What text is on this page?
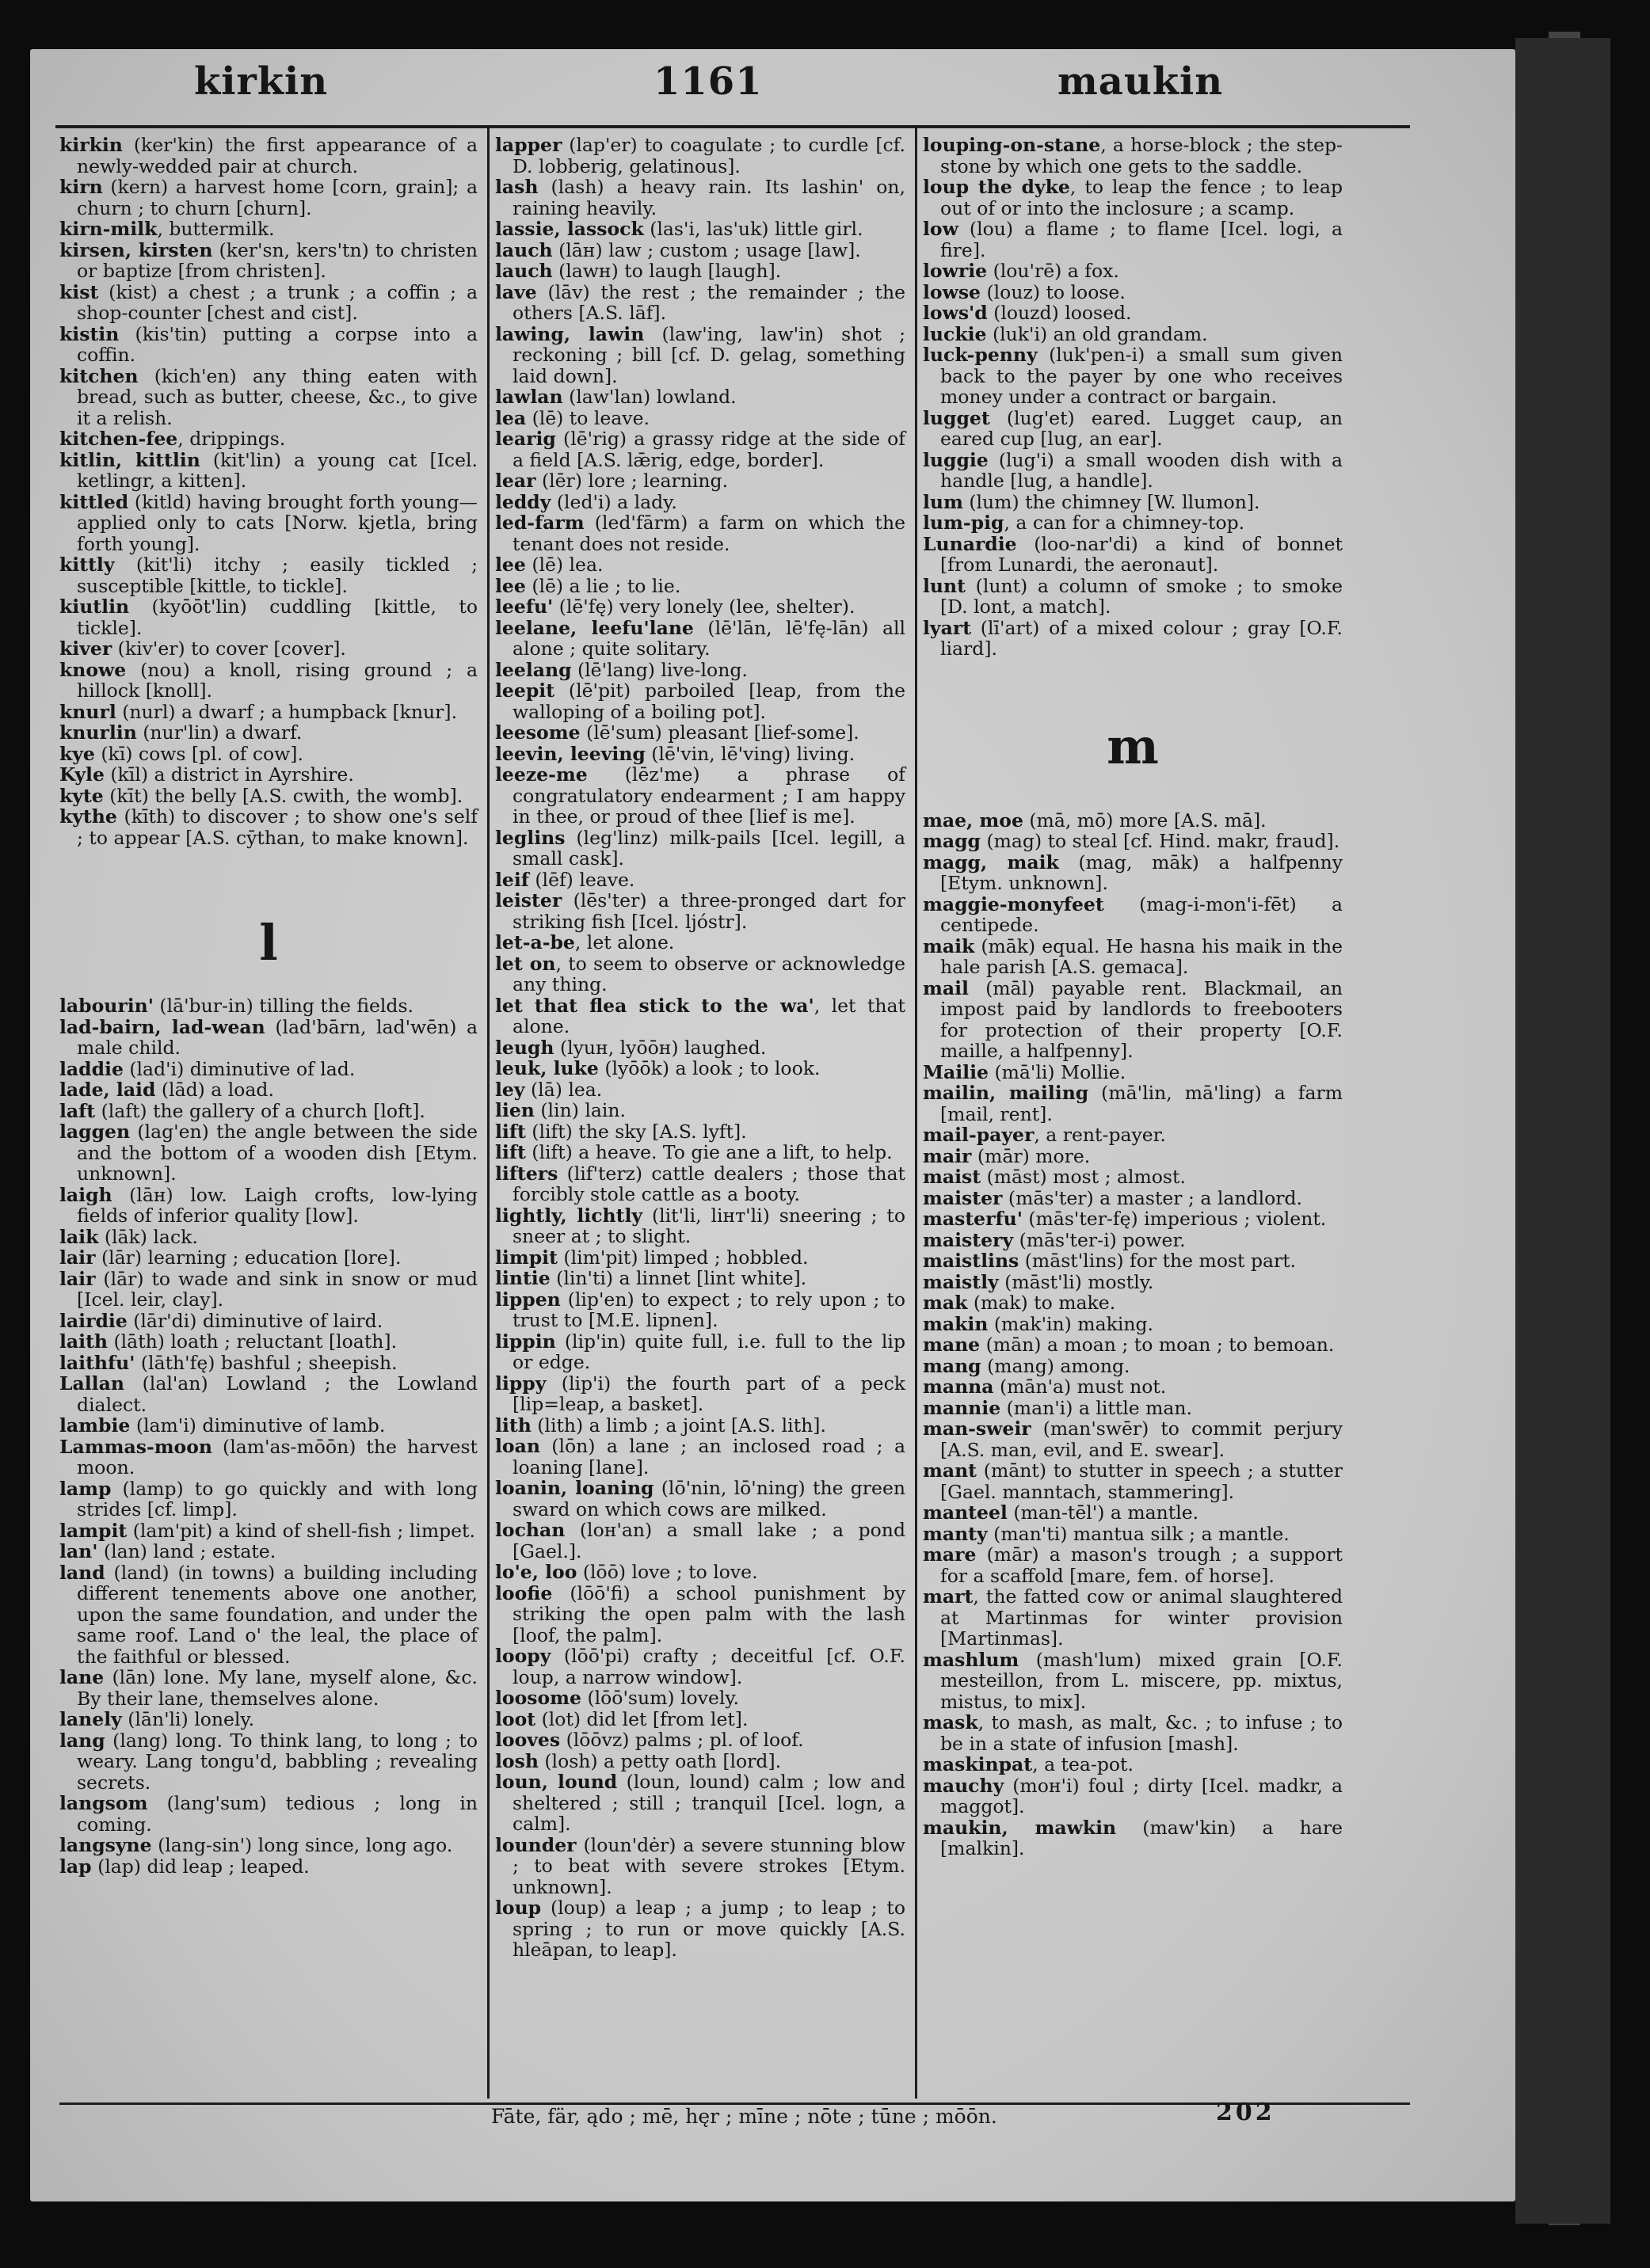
kirkin	1161	maukin

kirkin (ker'kin) the first appearance of a newly-wedded pair at church.

kirn (kern) a harvest home [corn, grain]; a churn ; to churn [churn].

kirn-milk, buttermilk.

kirsen, kirsten (ker'sn, kers'tn) to christen or baptize [from christen].

kist (kist) a chest ; a trunk ; a coffin ; a shop-counter [chest and cist].

kistin (kis'tin) putting a corpse into a coffin.

kitchen (kich'en) any thing eaten with bread, such as butter, cheese, &c., to give it a relish.

kitchen-fee, drippings.

kitlin, kittlin (kit'lin) a young cat [Icel. ketlingr, a kitten].

kittled (kitld) having brought forth young—applied only to cats [Norw. kjetla, bring forth young].

kittly (kit'li) itchy ; easily tickled ; susceptible [kittle, to tickle].

kiutlin (kyōōt'lin) cuddling [kittle, to tickle].

kiver (kiv'er) to cover [cover].

knowe (nou) a knoll, rising ground ; a hillock [knoll].

knurl (nurl) a dwarf ; a humpback [knur].

knurlin (nur'lin) a dwarf.

kye (kī) cows [pl. of cow].

Kyle (kīl) a district in Ayrshire.

kyte (kīt) the belly [A.S. cwith, the womb].

kythe (kīth) to discover ; to show one's self ; to appear [A.S. cȳthan, to make known].

l

labourin' (lā'bur-in) tilling the fields.

lad-bairn, lad-wean (lad'bārn, lad'wēn) a male child.

laddie (lad'i) diminutive of lad.

lade, laid (lād) a load.

laft (laft) the gallery of a church [loft].

laggen (lag'en) the angle between the side and the bottom of a wooden dish [Etym. unknown].

laigh (lāн) low. Laigh crofts, low-lying fields of inferior quality [low].

laik (lāk) lack.

lair (lār) learning ; education [lore].

lair (lār) to wade and sink in snow or mud [Icel. leir, clay].

lairdie (lār'di) diminutive of laird.

laith (lāth) loath ; reluctant [loath].

laithfu' (lāth'fę) bashful ; sheepish.

Lallan (lal'an) Lowland ; the Lowland dialect.

lambie (lam'i) diminutive of lamb.

Lammas-moon (lam'as-mōōn) the harvest moon.

lamp (lamp) to go quickly and with long strides [cf. limp].

lampit (lam'pit) a kind of shell-fish ; limpet.

lan' (lan) land ; estate.

land (land) (in towns) a building including different tenements above one another, upon the same foundation, and under the same roof. Land o' the leal, the place of the faithful or blessed.

lane (lān) lone. My lane, myself alone, &c. By their lane, themselves alone.

lanely (lān'li) lonely.

lang (lang) long. To think lang, to long ; to weary. Lang tongu'd, babbling ; revealing secrets.

langsom (lang'sum) tedious ; long in coming.

langsyne (lang-sin') long since, long ago.

lap (lap) did leap ; leaped.

lapper (lap'er) to coagulate ; to curdle [cf. D. lobberig, gelatinous].

lash (lash) a heavy rain. Its lashin' on, raining heavily.

lassie, lassock (las'i, las'uk) little girl.

lauch (lāн) law ; custom ; usage [law].

lauch (lawн) to laugh [laugh].

lave (lāv) the rest ; the remainder ; the others [A.S. lāf].

lawing, lawin (law'ing, law'in) shot ; reckoning ; bill [cf. D. gelag, something laid down].

lawlan (law'lan) lowland.

lea (lē) to leave.

learig (lē'rig) a grassy ridge at the side of a field [A.S. lǣrig, edge, border].

lear (lēr) lore ; learning.

leddy (led'i) a lady.

led-farm (led'fārm) a farm on which the tenant does not reside.

lee (lē) lea.

lee (lē) a lie ; to lie.

leefu' (lē'fę) very lonely (lee, shelter).

leelane, leefu'lane (lē'lān, lē'fę-lān) all alone ; quite solitary.

leelang (lē'lang) live-long.

leepit (lē'pit) parboiled [leap, from the walloping of a boiling pot].

leesome (lē'sum) pleasant [lief-some].

leevin, leeving (lē'vin, lē'ving) living.

leeze-me (lēz'me) a phrase of congratulatory endearment ; I am happy in thee, or proud of thee [lief is me].

leglins (leg'linz) milk-pails [Icel. legill, a small cask].

leif (lēf) leave.

leister (lēs'ter) a three-pronged dart for striking fish [Icel. ljóstr].

let-a-be, let alone.

let on, to seem to observe or acknowledge any thing.

let that flea stick to the wa', let that alone.

leugh (lyuн, lyōōн) laughed.

leuk, luke (lyōōk) a look ; to look.

ley (lā) lea.

lien (lin) lain.

lift (lift) the sky [A.S. lyft].

lift (lift) a heave. To gie ane a lift, to help.

lifters (lif'terz) cattle dealers ; those that forcibly stole cattle as a booty.

lightly, lichtly (lit'li, liнт'li) sneering ; to sneer at ; to slight.

limpit (lim'pit) limped ; hobbled.

lintie (lin'ti) a linnet [lint white].

lippen (lip'en) to expect ; to rely upon ; to trust to [M.E. lipnen].

lippin (lip'in) quite full, i.e. full to the lip or edge.

lippy (lip'i) the fourth part of a peck [lip=leap, a basket].

lith (lith) a limb ; a joint [A.S. lith].

loan (lōn) a lane ; an inclosed road ; a loaning [lane].

loanin, loaning (lō'nin, lō'ning) the green sward on which cows are milked.

lochan (loн'an) a small lake ; a pond [Gael.].

lo'e, loo (lōō) love ; to love.

loofie (lōō'fi) a school punishment by striking the open palm with the lash [loof, the palm].

loopy (lōō'pi) crafty ; deceitful [cf. O.F. loup, a narrow window].

loosome (lōō'sum) lovely.

loot (lot) did let [from let].

looves (lōōvz) palms ; pl. of loof.

losh (losh) a petty oath [lord].

loun, lound (loun, lound) calm ; low and sheltered ; still ; tranquil [Icel. logn, a calm].

lounder (loun'dėr) a severe stunning blow ; to beat with severe strokes [Etym. unknown].

loup (loup) a leap ; a jump ; to leap ; to spring ; to run or move quickly [A.S. hleāpan, to leap].

louping-on-stane, a horse-block ; the step-stone by which one gets to the saddle.

loup the dyke, to leap the fence ; to leap out of or into the inclosure ; a scamp.

low (lou) a flame ; to flame [Icel. logi, a fire].

lowrie (lou'rē) a fox.

lowse (louz) to loose.

lows'd (louzd) loosed.

luckie (luk'i) an old grandam.

luck-penny (luk'pen-i) a small sum given back to the payer by one who receives money under a contract or bargain.

lugget (lug'et) eared. Lugget caup, an eared cup [lug, an ear].

luggie (lug'i) a small wooden dish with a handle [lug, a handle].

lum (lum) the chimney [W. llumon].

lum-pig, a can for a chimney-top.

Lunardie (loo-nar'di) a kind of bonnet [from Lunardi, the aeronaut].

lunt (lunt) a column of smoke ; to smoke [D. lont, a match].

lyart (lī'art) of a mixed colour ; gray [O.F. liard].

m

mae, moe (mā, mō) more [A.S. mā].

magg (mag) to steal [cf. Hind. makr, fraud].

magg, maik (mag, māk) a halfpenny [Etym. unknown].

maggie-monyfeet (mag-i-mon'i-fēt) a centipede.

maik (māk) equal. He hasna his maik in the hale parish [A.S. gemaca].

mail (māl) payable rent. Blackmail, an impost paid by landlords to freebooters for protection of their property [O.F. maille, a halfpenny].

Mailie (mā'li) Mollie.

mailin, mailing (mā'lin, mā'ling) a farm [mail, rent].

mail-payer, a rent-payer.

mair (mār) more.

maist (māst) most ; almost.

maister (mās'ter) a master ; a landlord.

masterfu' (mās'ter-fę) imperious ; violent.

maistery (mās'ter-i) power.

maistlins (māst'lins) for the most part.

maistly (māst'li) mostly.

mak (mak) to make.

makin (mak'in) making.

mane (mān) a moan ; to moan ; to bemoan.

mang (mang) among.

manna (mān'a) must not.

mannie (man'i) a little man.

man-sweir (man'swēr) to commit perjury [A.S. man, evil, and E. swear].

mant (mānt) to stutter in speech ; a stutter [Gael. manntach, stammering].

manteel (man-tēl') a mantle.

manty (man'ti) mantua silk ; a mantle.

mare (mār) a mason's trough ; a support for a scaffold [mare, fem. of horse].

mart, the fatted cow or animal slaughtered at Martinmas for winter provision [Martinmas].

mashlum (mash'lum) mixed grain [O.F. mesteillon, from L. miscere, pp. mixtus, mistus, to mix].

mask, to mash, as malt, &c. ; to infuse ; to be in a state of infusion [mash].

maskinpat, a tea-pot.

mauchy (moн'i) foul ; dirty [Icel. madkr, a maggot].

maukin, mawkin (maw'kin) a hare [malkin].

Fāte, fär, ądo ; mē, hęr ; mīne ; nōte ; tūne ; mōōn.	202
